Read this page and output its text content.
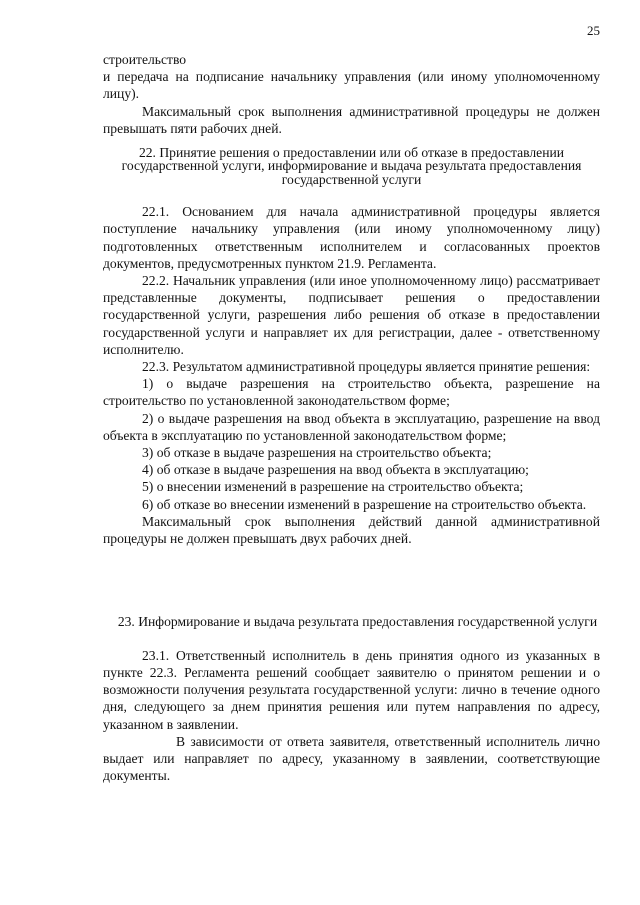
25

строительство

и передача на подписание начальнику управления (или иному уполномоченному лицу).

Максимальный срок выполнения административной процедуры не должен превышать пяти рабочих дней.

22. Принятие решения о предоставлении или об отказе в предоставлении государственной услуги, информирование и выдача результата предоставления государственной услуги

22.1. Основанием для начала административной процедуры является поступление начальнику управления (или иному уполномоченному лицу) подготовленных ответственным исполнителем и согласованных проектов документов, предусмотренных пунктом 21.9. Регламента.

22.2. Начальник управления (или иное уполномоченному лицо) рассматривает представленные документы, подписывает решения о предоставлении государственной услуги, разрешения либо решения об отказе в предоставлении государственной услуги и направляет их для регистрации, далее - ответственному исполнителю.

22.3. Результатом административной процедуры является принятие решения:

1) о выдаче разрешения на строительство объекта, разрешение на строительство по установленной законодательством форме;

2) о выдаче разрешения на ввод объекта в эксплуатацию, разрешение на ввод объекта в эксплуатацию по установленной законодательством форме;

3) об отказе в выдаче разрешения на строительство объекта;

4) об отказе в выдаче разрешения на ввод объекта в эксплуатацию;

5) о внесении изменений в разрешение на строительство объекта;

6) об отказе во внесении изменений в разрешение на строительство объекта.

Максимальный срок выполнения действий данной административной процедуры не должен превышать двух рабочих дней.

23. Информирование и выдача результата предоставления государственной услуги

23.1. Ответственный исполнитель в день принятия одного из указанных в пункте 22.3. Регламента решений сообщает заявителю о принятом решении и о возможности получения результата государственной услуги: лично в течение одного дня, следующего за днем принятия решения или путем направления по адресу, указанном в заявлении.

В зависимости от ответа заявителя, ответственный исполнитель лично выдает или направляет по адресу, указанному в заявлении, соответствующие документы.
